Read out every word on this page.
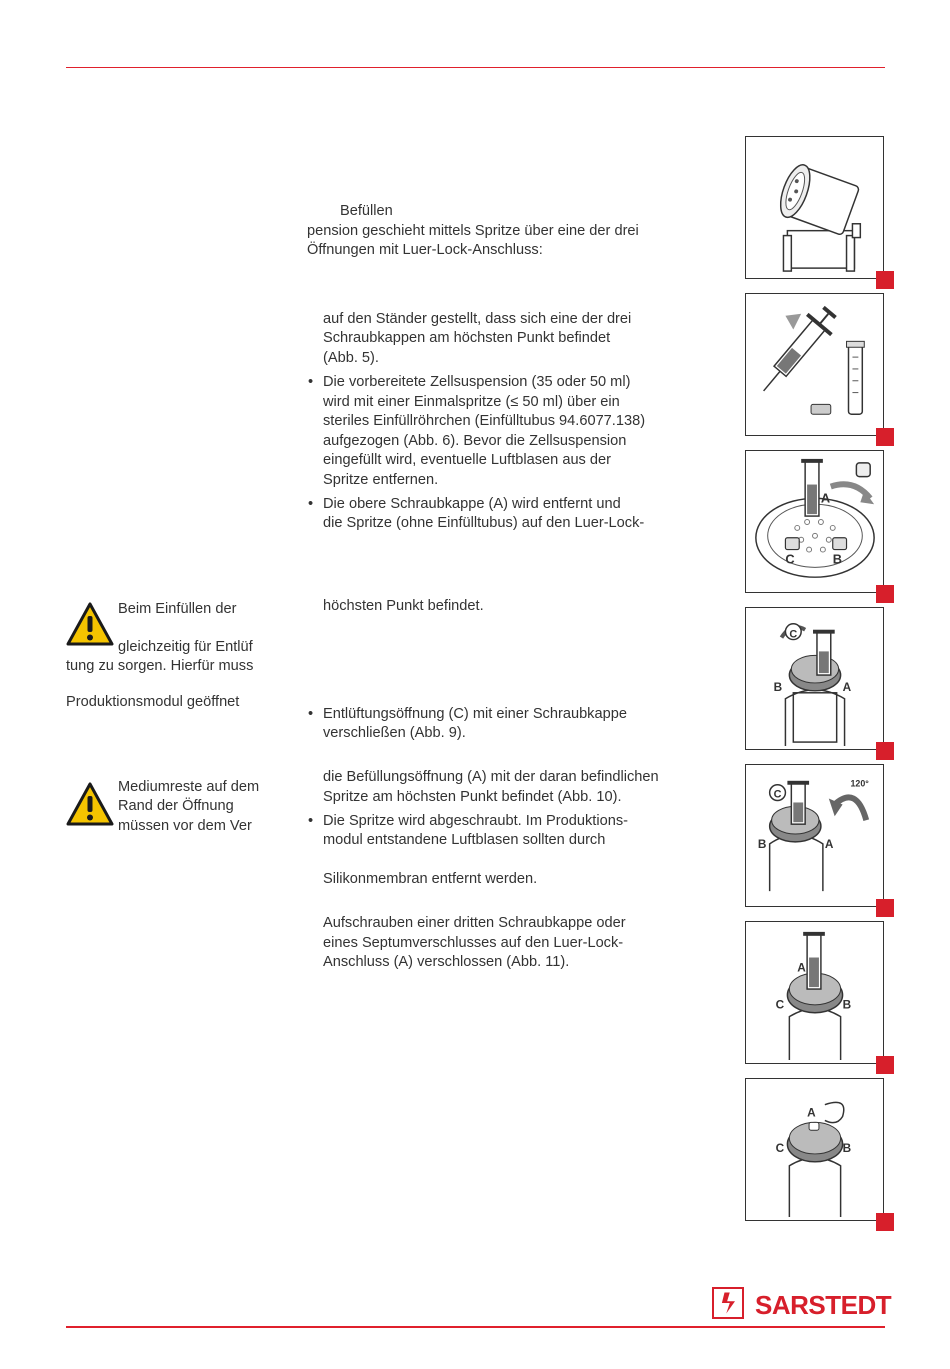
Befüllen
pension geschieht mittels Spritze über eine der drei
Öffnungen mit Luer-Lock-Anschluss:
auf den Ständer gestellt, dass sich eine der drei
Schraubkappen am höchsten Punkt befindet
(Abb. 5).
• Die vorbereitete Zellsuspension (35 oder 50 ml)
wird mit einer Einmalspritze (≤ 50 ml) über ein
steriles Einfüllröhrchen (Einfülltubus 94.6077.138)
aufgezogen (Abb. 6). Bevor die Zellsuspension
eingefüllt wird, eventuelle Luftblasen aus der
Spritze entfernen.
• Die obere Schraubkappe (A) wird entfernt und
die Spritze (ohne Einfülltubus) auf den Luer-Lock-
höchsten Punkt befindet.
• Entlüftungsöffnung (C) mit einer Schraubkappe
verschließen (Abb. 9).
die Befüllungsöffnung (A) mit der daran befindlichen
Spritze am höchsten Punkt befindet (Abb. 10).
• Die Spritze wird abgeschraubt. Im Produktions-
modul entstandene Luftblasen sollten durch
Silikonmembran entfernt werden.
Aufschrauben einer dritten Schraubkappe oder
eines Septumverschlusses auf den Luer-Lock-
Anschluss (A) verschlossen (Abb. 11).
Beim Einfüllen der
gleichzeitig für Entlüf
tung zu sorgen. Hierfür muss
Produktionsmodul geöffnet
Mediumreste auf dem
Rand der Öffnung
müssen vor dem Ver
A
C	B
B	A
C
120°
B	A
C
A
C	B
A
C	B
SARSTEDT
